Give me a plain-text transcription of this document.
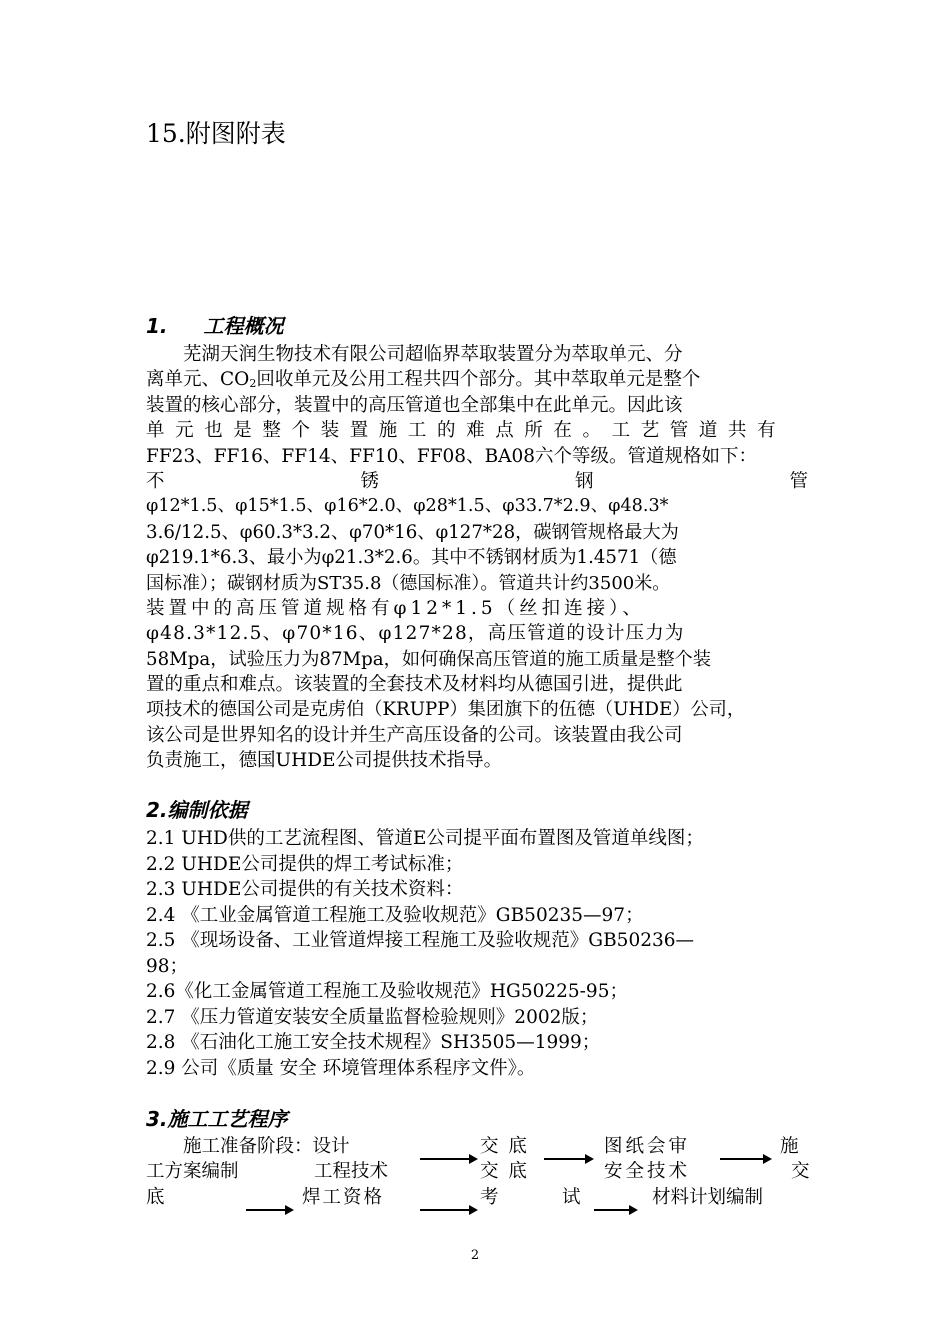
15.附图附表
1. 工程概况
芜湖天润生物技术有限公司超临界萃取装置分为萃取单元、分
离单元、$CO_2$回收单元及公用工程共四个部分。其中萃取单元是整个
装置的核心部分，装置中的高压管道也全部集中在此单元。因此该
单元也是整个装置施工的难点所在。工艺管道共有
FF23、FF16、FF14、FF10、FF08、BA08六个等级。管道规格如下：
不	锈	钢	管
φ12*1.5、φ15*1.5、φ16*2.0、φ28*1.5、φ33.7*2.9、φ48.3*
3.6/12.5、φ60.3*3.2、φ70*16、φ127*28，碳钢管规格最大为
φ219.1*6.3、最小为φ21.3*2.6。其中不锈钢材质为1.4571（德
国标准）；碳钢材质为ST35.8（德国标准）。管道共计约3500米。
装置中的高压管道规格有φ12*1.5（丝扣连接）、
φ48.3*12.5、φ70*16、φ127*28，高压管道的设计压力为
58Mpa，试验压力为87Mpa，如何确保高压管道的施工质量是整个装
置的重点和难点。该装置的全套技术及材料均从德国引进，提供此
项技术的德国公司是克虏伯（KRUPP）集团旗下的伍德（UHDE）公司，
该公司是世界知名的设计并生产高压设备的公司。该装置由我公司
负责施工，德国UHDE公司提供技术指导。
2.编制依据
2.1 UHD供的工艺流程图、管道E公司提平面布置图及管道单线图；
2.2 UHDE公司提供的焊工考试标准；
2.3 UHDE公司提供的有关技术资料：
2.4 《工业金属管道工程施工及验收规范》GB50235—97；
2.5 《现场设备、工业管道焊接工程施工及验收规范》GB50236—
98；
2.6《化工金属管道工程施工及验收规范》HG50225-95；
2.7 《压力管道安装安全质量监督检验规则》2002版；
2.8 《石油化工施工安全技术规程》SH3505—1999；
2.9 公司《质量 安全 环境管理体系程序文件》。
3.施工工艺程序
施工准备阶段：设计	交 底	图纸会审	施
工方案编制	工程技术	交 底	安全技术	交
底	焊工资格	考	试	材料计划编制
2
